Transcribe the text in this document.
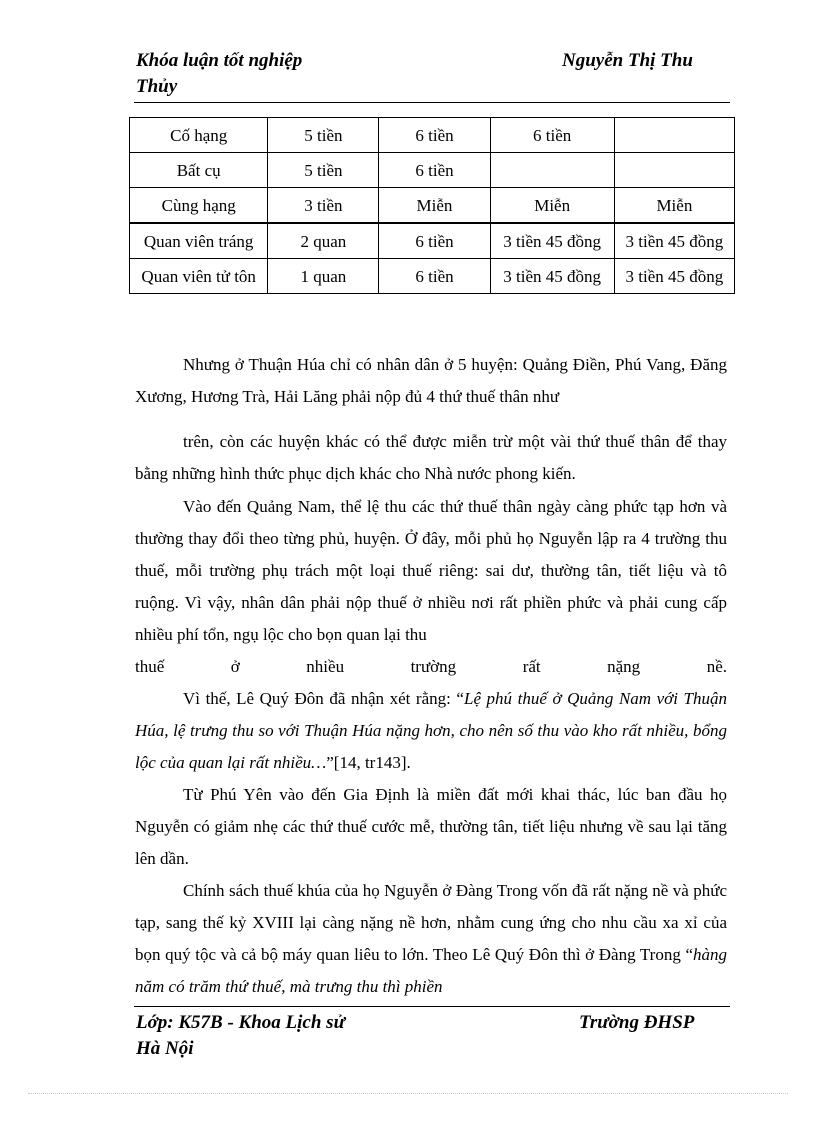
Khóa luận tốt nghiệp
Thủy
Nguyễn Thị Thu
Cố hạng	5 tiền	6 tiền	6 tiền	
Bất cụ	5 tiền	6 tiền		
Cùng hạng	3 tiền	Miễn	Miễn	Miễn
Quan viên tráng	2 quan	6 tiền	3 tiền 45 đồng	3 tiền 45 đồng
Quan viên tử tôn	1 quan	6 tiền	3 tiền 45 đồng	3 tiền 45 đồng

Nhưng ở Thuận Húa chỉ có nhân dân ở 5 huyện: Quảng Điền, Phú Vang, Đăng Xương, Hương Trà, Hải Lăng phải nộp đủ 4 thứ thuế thân như

trên, còn các huyện khác có thể được miễn trừ một vài thứ thuế thân để thay bằng những hình thức phục dịch khác cho Nhà nước phong kiến.

Vào đến Quảng Nam, thể lệ thu các thứ thuế thân ngày càng phức tạp hơn và thường thay đổi theo từng phủ, huyện. Ở đây, mỗi phủ họ Nguyễn lập ra 4 trường thu thuế, mỗi trường phụ trách một loại thuế riêng: sai dư, thường tân, tiết liệu và tô ruộng. Vì vậy, nhân dân phải nộp thuế ở nhiều nơi rất phiền phức và phải cung cấp nhiều phí tổn, ngụ lộc cho bọn quan lại thu

thuế ở nhiều trường rất nặng nề.

Vì thế, Lê Quý Đôn đã nhận xét rằng: “Lệ phú thuế ở Quảng Nam với Thuận Húa, lệ trưng thu so với Thuận Húa nặng hơn, cho nên số thu vào kho rất nhiều, bổng lộc của quan lại rất nhiều…”[14, tr143].

Từ Phú Yên vào đến Gia Định là miền đất mới khai thác, lúc ban đầu họ Nguyễn có giảm nhẹ các thứ thuế cước mễ, thường tân, tiết liệu nhưng về sau lại tăng lên dần.

Chính sách thuế khúa của họ Nguyễn ở Đàng Trong vốn đã rất nặng nề và phức tạp, sang thế kỷ XVIII lại càng nặng nề hơn, nhằm cung ứng cho nhu cầu xa xỉ của bọn quý tộc và cả bộ máy quan liêu to lớn. Theo Lê Quý Đôn thì ở Đàng Trong “hàng năm có trăm thứ thuế, mà trưng thu thì phiền

Lớp: K57B - Khoa Lịch sử
Hà Nội
Trường ĐHSP
